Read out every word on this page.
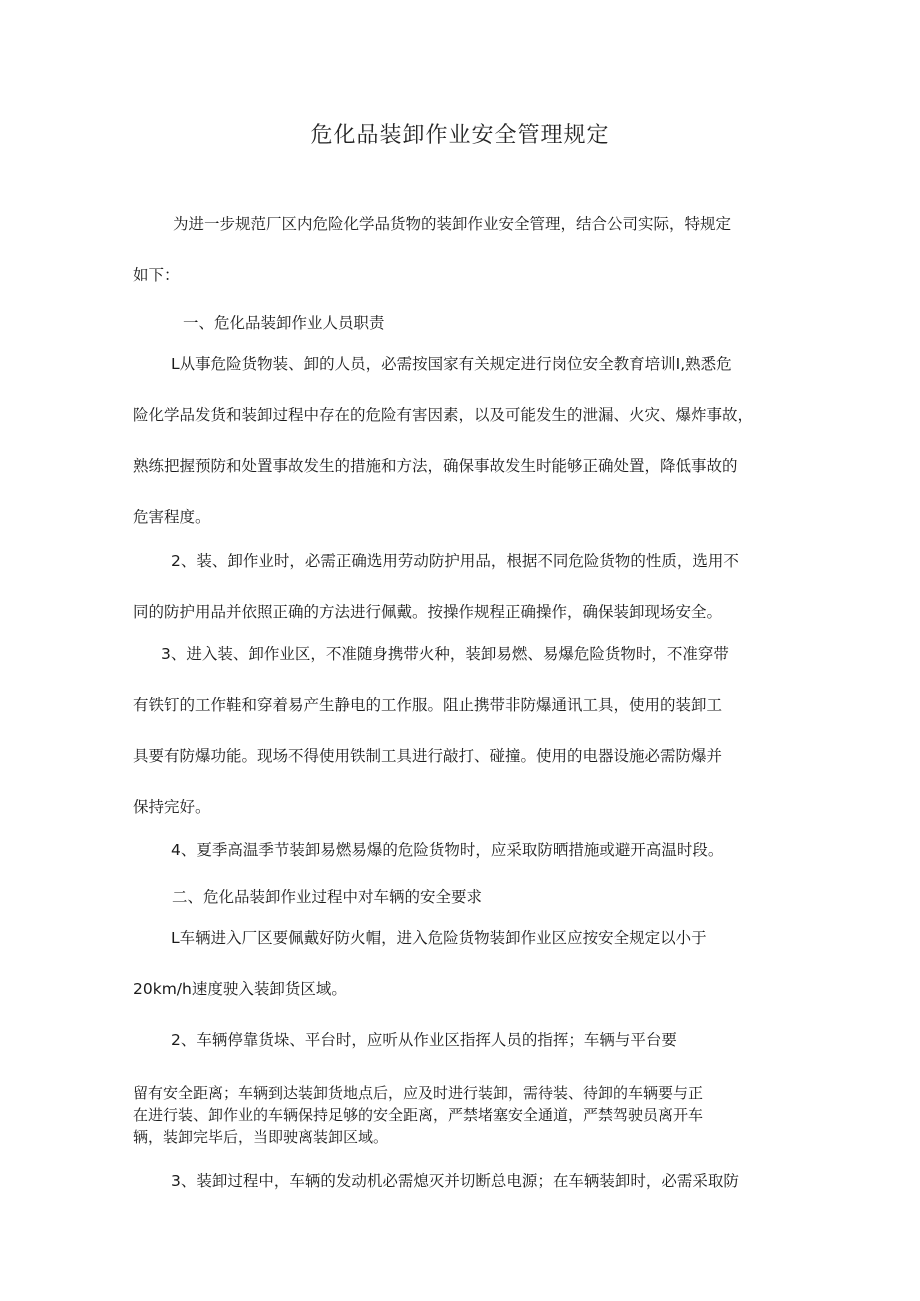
危化品装卸作业安全管理规定

为进一步规范厂区内危险化学品货物的装卸作业安全管理，结合公司实际，特规定

如下：

一、危化品装卸作业人员职责

L从事危险货物装、卸的人员，必需按国家有关规定进行岗位安全教育培训I,熟悉危

险化学品发货和装卸过程中存在的危险有害因素，以及可能发生的泄漏、火灾、爆炸事故，

熟练把握预防和处置事故发生的措施和方法，确保事故发生时能够正确处置，降低事故的

危害程度。

2、装、卸作业时，必需正确选用劳动防护用品，根据不同危险货物的性质，选用不

同的防护用品并依照正确的方法进行佩戴。按操作规程正确操作，确保装卸现场安全。

3、进入装、卸作业区，不准随身携带火种，装卸易燃、易爆危险货物时，不准穿带

有铁钉的工作鞋和穿着易产生静电的工作服。阻止携带非防爆通讯工具，使用的装卸工

具要有防爆功能。现场不得使用铁制工具进行敲打、碰撞。使用的电器设施必需防爆并

保持完好。

4、夏季高温季节装卸易燃易爆的危险货物时，应采取防晒措施或避开高温时段。

二、危化品装卸作业过程中对车辆的安全要求

L车辆进入厂区要佩戴好防火帽，进入危险货物装卸作业区应按安全规定以小于

20km/h速度驶入装卸货区域。

2、车辆停靠货垛、平台时，应听从作业区指挥人员的指挥；车辆与平台要

留有安全距离；车辆到达装卸货地点后，应及时进行装卸，需待装、待卸的车辆要与正

在进行装、卸作业的车辆保持足够的安全距离，严禁堵塞安全通道，严禁驾驶员离开车

辆，装卸完毕后，当即驶离装卸区域。

3、装卸过程中，车辆的发动机必需熄灭并切断总电源；在车辆装卸时，必需采取防
